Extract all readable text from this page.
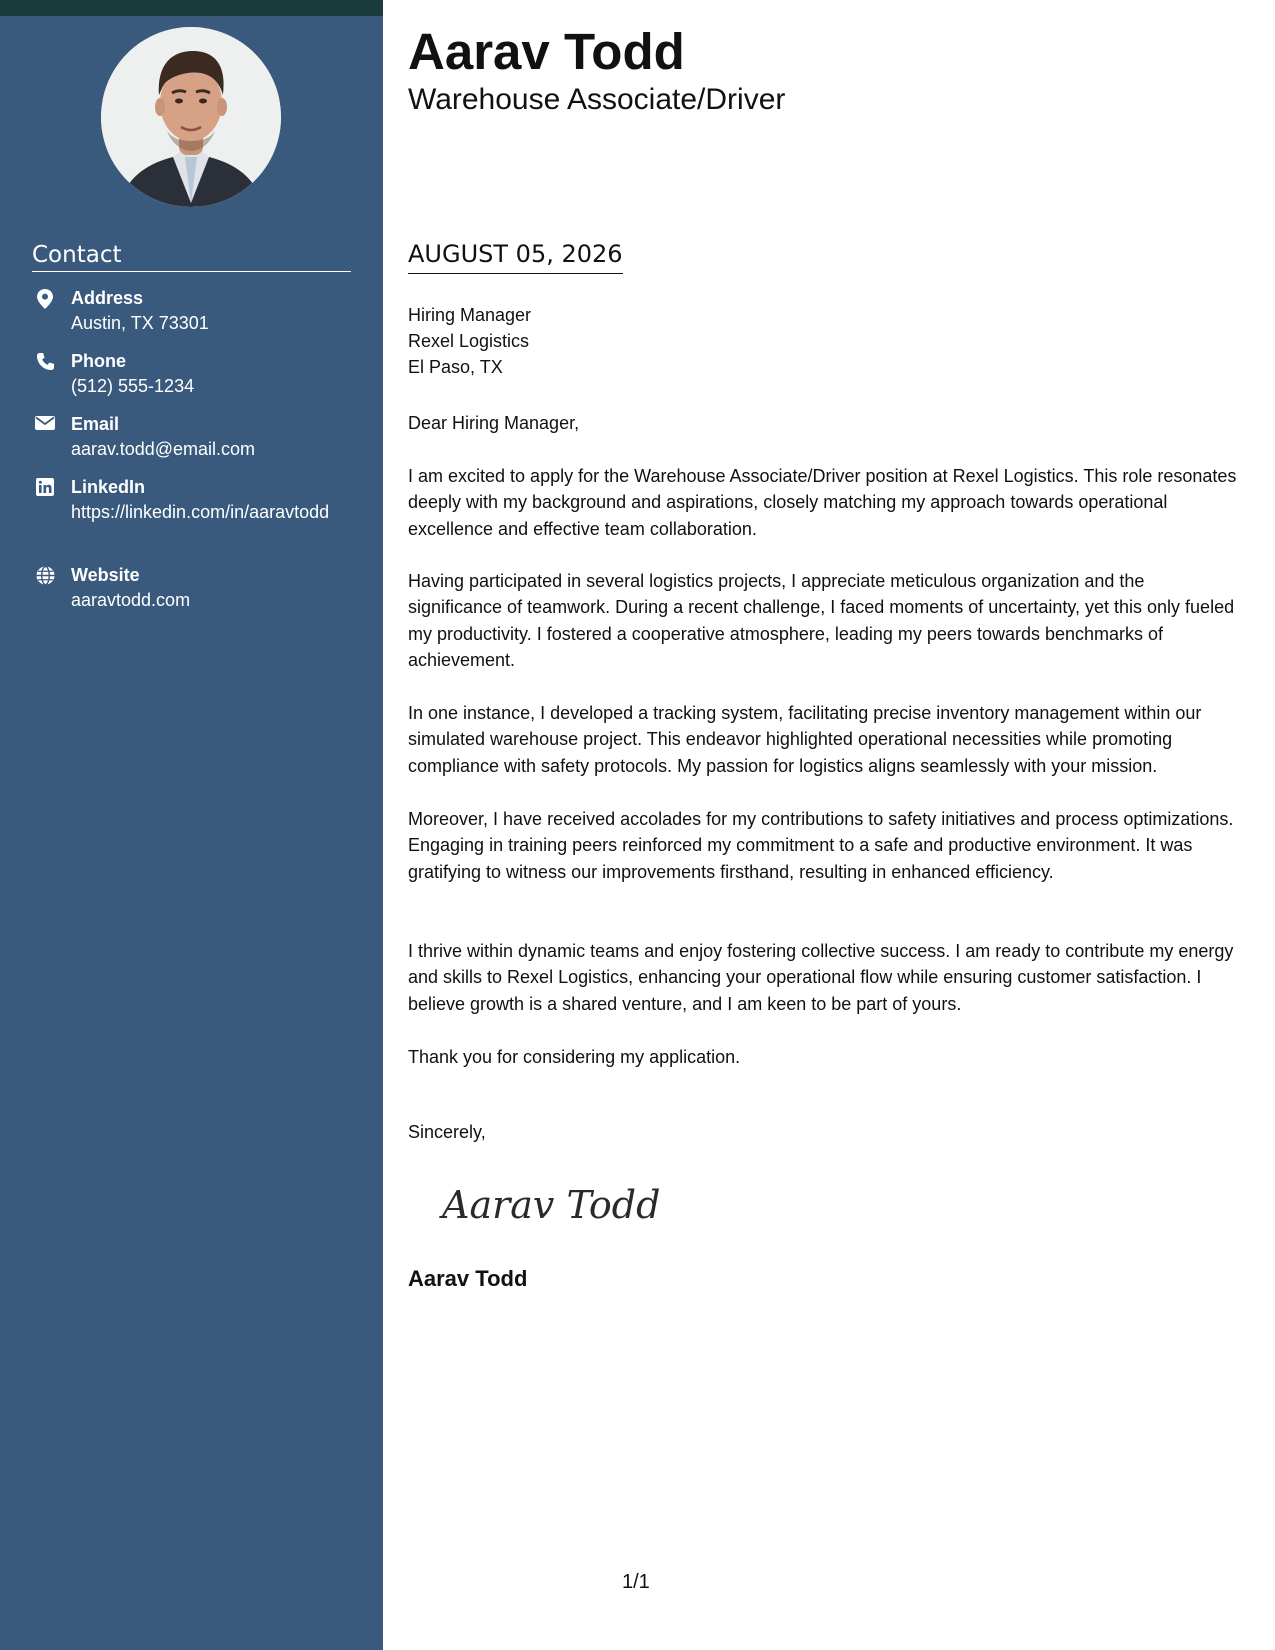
Contact
Address
Austin, TX 73301
Phone
(512) 555-1234
Email
aarav.todd@email.com
LinkedIn
https://linkedin.com/in/aaravtodd
Website
aaravtodd.com
Aarav Todd
Warehouse Associate/Driver
AUGUST 05, 2026
Hiring Manager
Rexel Logistics
El Paso, TX
Dear Hiring Manager,

I am excited to apply for the Warehouse Associate/Driver position at Rexel Logistics. This role resonates deeply with my background and aspirations, closely matching my approach towards operational excellence and effective team collaboration.

Having participated in several logistics projects, I appreciate meticulous organization and the significance of teamwork. During a recent challenge, I faced moments of uncertainty, yet this only fueled my productivity. I fostered a cooperative atmosphere, leading my peers towards benchmarks of achievement.

In one instance, I developed a tracking system, facilitating precise inventory management within our simulated warehouse project. This endeavor highlighted operational necessities while promoting compliance with safety protocols. My passion for logistics aligns seamlessly with your mission.

Moreover, I have received accolades for my contributions to safety initiatives and process optimizations. Engaging in training peers reinforced my commitment to a safe and productive environment. It was gratifying to witness our improvements firsthand, resulting in enhanced efficiency.

I thrive within dynamic teams and enjoy fostering collective success. I am ready to contribute my energy and skills to Rexel Logistics, enhancing your operational flow while ensuring customer satisfaction. I believe growth is a shared venture, and I am keen to be part of yours.

Thank you for considering my application.

Sincerely,
Aarav Todd
Aarav Todd
1/1
